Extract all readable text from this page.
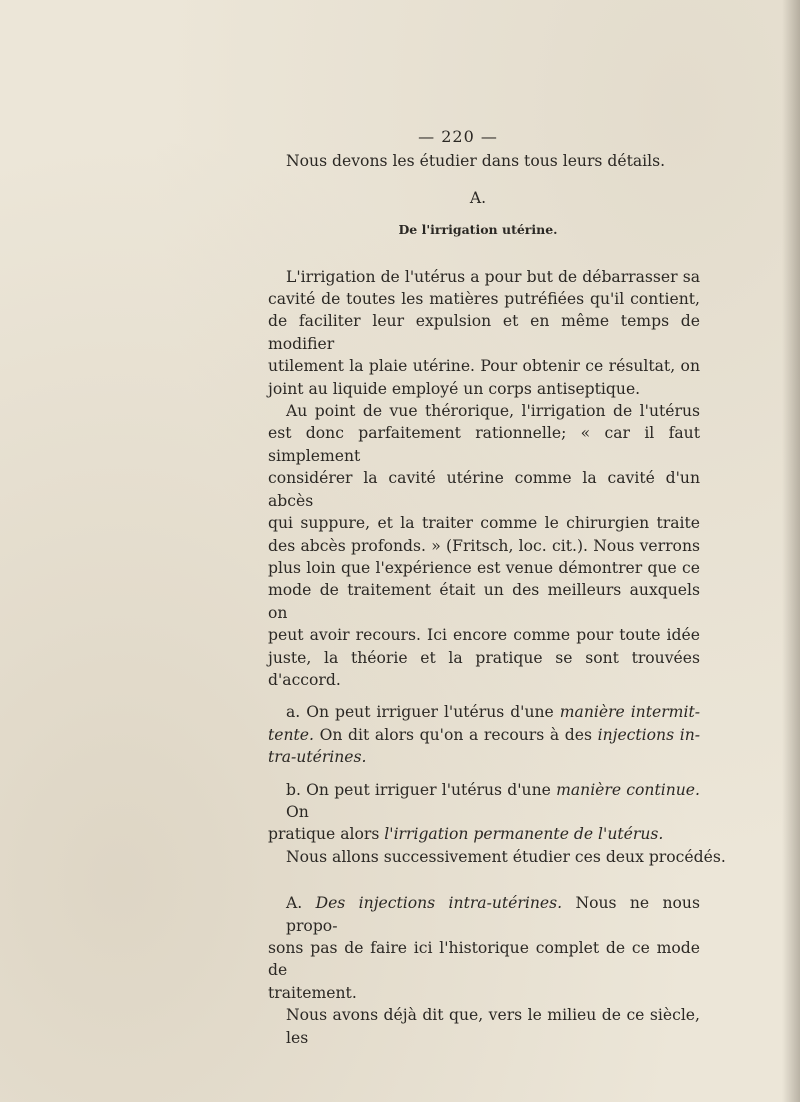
— 220 —
Nous devons les étudier dans tous leurs détails.
A.
De l'irrigation utérine.
L'irrigation de l'utérus a pour but de débarrasser sa
cavité de toutes les matières putréfiées qu'il contient,
de faciliter leur expulsion et en même temps de modifier
utilement la plaie utérine. Pour obtenir ce résultat, on
joint au liquide employé un corps antiseptique.
Au point de vue thérorique, l'irrigation de l'utérus
est donc parfaitement rationnelle; « car il faut simplement
considérer la cavité utérine comme la cavité d'un abcès
qui suppure, et la traiter comme le chirurgien traite
des abcès profonds. » (Fritsch, loc. cit.). Nous verrons
plus loin que l'expérience est venue démontrer que ce
mode de traitement était un des meilleurs auxquels on
peut avoir recours. Ici encore comme pour toute idée
juste, la théorie et la pratique se sont trouvées d'accord.
a. On peut irriguer l'utérus d'une manière intermit-
tente. On dit alors qu'on a recours à des injections in-
tra-utérines.
b. On peut irriguer l'utérus d'une manière continue. On
pratique alors l'irrigation permanente de l'utérus.
Nous allons successivement étudier ces deux procédés.
A. Des injections intra-utérines. Nous ne nous propo-
sons pas de faire ici l'historique complet de ce mode de
traitement.
Nous avons déjà dit que, vers le milieu de ce siècle, les
